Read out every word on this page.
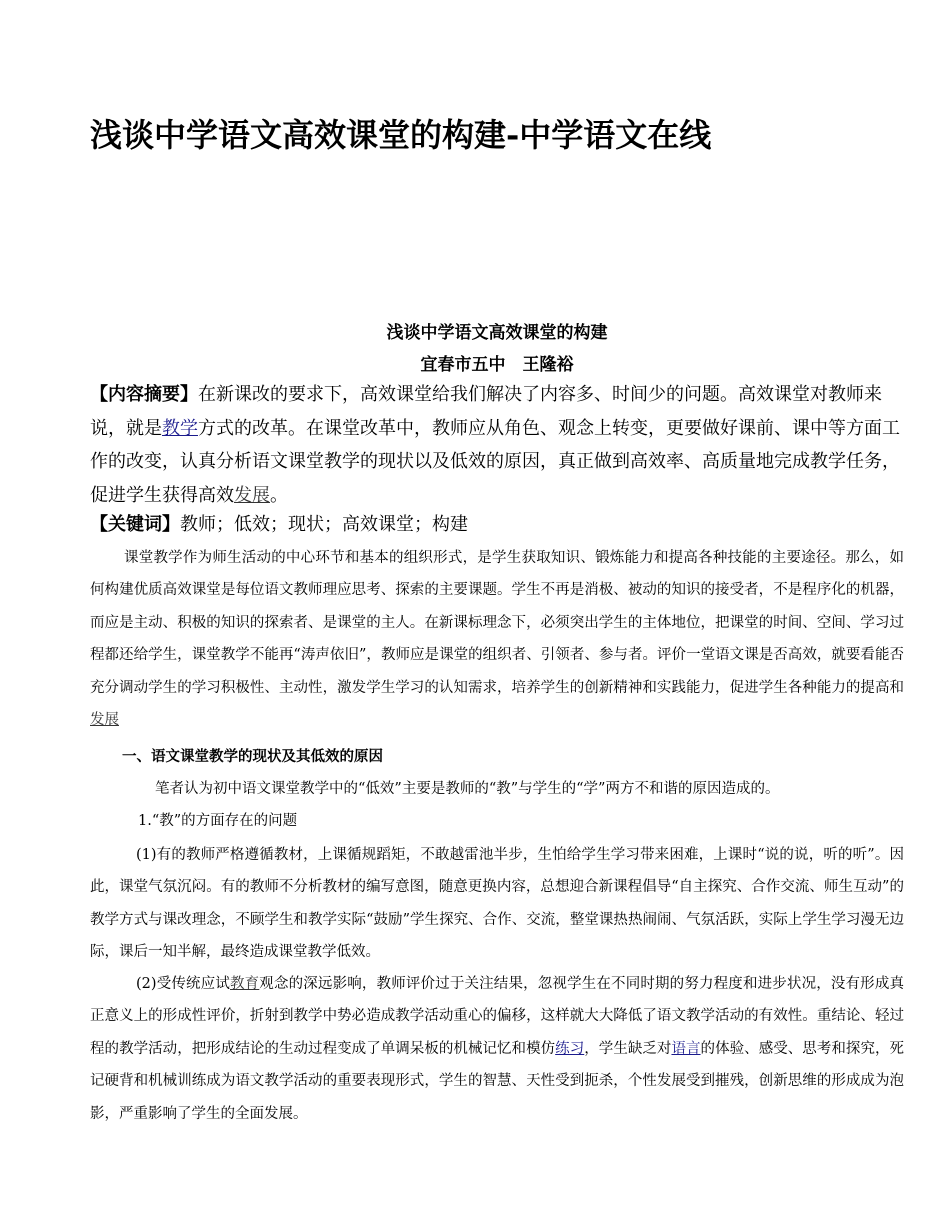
浅谈中学语文高效课堂的构建-中学语文在线
浅谈中学语文高效课堂的构建
宜春市五中　王隆裕

【内容摘要】在新课改的要求下，高效课堂给我们解决了内容多、时间少的问题。高效课堂对教师来说，就是教学方式的改革。在课堂改革中，教师应从角色、观念上转变，更要做好课前、课中等方面工作的改变，认真分析语文课堂教学的现状以及低效的原因，真正做到高效率、高质量地完成教学任务，促进学生获得高效发展。

【关键词】教师；低效；现状；高效课堂；构建

课堂教学作为师生活动的中心环节和基本的组织形式，是学生获取知识、锻炼能力和提高各种技能的主要途径。那么，如何构建优质高效课堂是每位语文教师理应思考、探索的主要课题。学生不再是消极、被动的知识的接受者，不是程序化的机器，而应是主动、积极的知识的探索者、是课堂的主人。在新课标理念下，必须突出学生的主体地位，把课堂的时间、空间、学习过程都还给学生，课堂教学不能再“涛声依旧”，教师应是课堂的组织者、引领者、参与者。评价一堂语文课是否高效，就要看能否充分调动学生的学习积极性、主动性，激发学生学习的认知需求，培养学生的创新精神和实践能力，促进学生各种能力的提高和发展

一、语文课堂教学的现状及其低效的原因

笔者认为初中语文课堂教学中的“低效”主要是教师的“教”与学生的“学”两方不和谐的原因造成的。

1.“教”的方面存在的问题

(1)有的教师严格遵循教材，上课循规蹈矩，不敢越雷池半步，生怕给学生学习带来困难，上课时“说的说，听的听”。因此，课堂气氛沉闷。有的教师不分析教材的编写意图，随意更换内容，总想迎合新课程倡导“自主探究、合作交流、师生互动”的教学方式与课改理念，不顾学生和教学实际“鼓励”学生探究、合作、交流，整堂课热热闹闹、气氛活跃，实际上学生学习漫无边际，课后一知半解，最终造成课堂教学低效。

(2)受传统应试教育观念的深远影响，教师评价过于关注结果，忽视学生在不同时期的努力程度和进步状况，没有形成真正意义上的形成性评价，折射到教学中势必造成教学活动重心的偏移，这样就大大降低了语文教学活动的有效性。重结论、轻过程的教学活动，把形成结论的生动过程变成了单调呆板的机械记忆和模仿练习，学生缺乏对语言的体验、感受、思考和探究，死记硬背和机械训练成为语文教学活动的重要表现形式，学生的智慧、天性受到扼杀，个性发展受到摧残，创新思维的形成成为泡影，严重影响了学生的全面发展。
